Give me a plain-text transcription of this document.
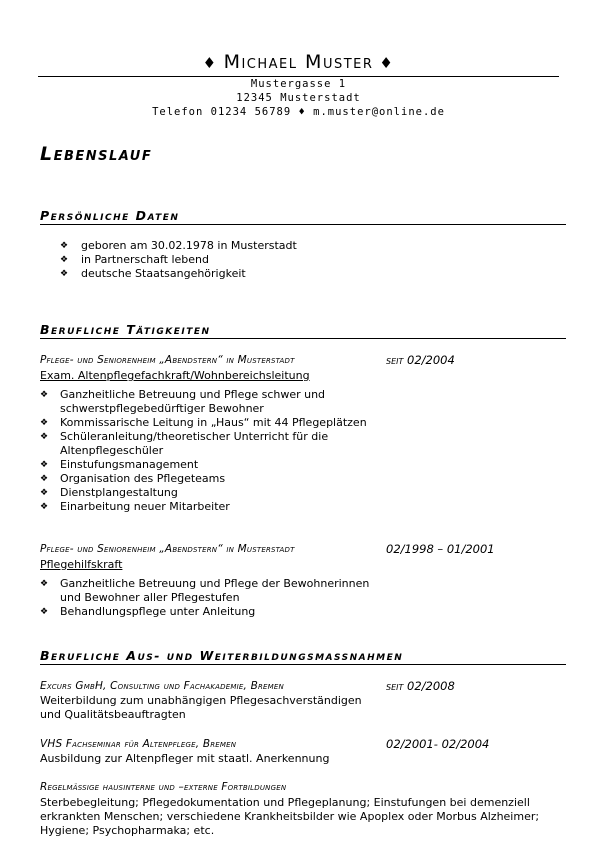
♦ Michael Muster ♦
Mustergasse 1
12345 Musterstadt
Telefon 01234 56789 ♦ m.muster@online.de
Lebenslauf
Persönliche Daten
❖ geboren am 30.02.1978 in Musterstadt
❖ in Partnerschaft lebend
❖ deutsche Staatsangehörigkeit
Berufliche Tätigkeiten
Pflege- und Seniorenheim „Abendstern“ in Musterstadt	seit 02/2004
Exam. Altenpflegefachkraft/Wohnbereichsleitung
❖ Ganzheitliche Betreuung und Pflege schwer und schwerstpflegebedürftiger Bewohner
❖ Kommissarische Leitung in „Haus“ mit 44 Pflegeplätzen
❖ Schüleranleitung/theoretischer Unterricht für die Altenpflegeschüler
❖ Einstufungsmanagement
❖ Organisation des Pflegeteams
❖ Dienstplangestaltung
❖ Einarbeitung neuer Mitarbeiter
Pflege- und Seniorenheim „Abendstern“ in Musterstadt	02/1998 – 01/2001
Pflegehilfskraft
❖ Ganzheitliche Betreuung und Pflege der Bewohnerinnen und Bewohner aller Pflegestufen
❖ Behandlungspflege unter Anleitung
Berufliche Aus- und Weiterbildungsmassnahmen
Excurs GmbH, Consulting und Fachakademie, Bremen	seit 02/2008
Weiterbildung zum unabhängigen Pflegesachverständigen und Qualitätsbeauftragten
VHS Fachseminar für Altenpflege, Bremen	02/2001- 02/2004
Ausbildung zur Altenpfleger mit staatl. Anerkennung
Regelmässige hausinterne und –externe Fortbildungen
Sterbebegleitung; Pflegedokumentation und Pflegeplanung; Einstufungen bei demenziell erkrankten Menschen; verschiedene Krankheitsbilder wie Apoplex oder Morbus Alzheimer; Hygiene; Psychopharmaka; etc.
